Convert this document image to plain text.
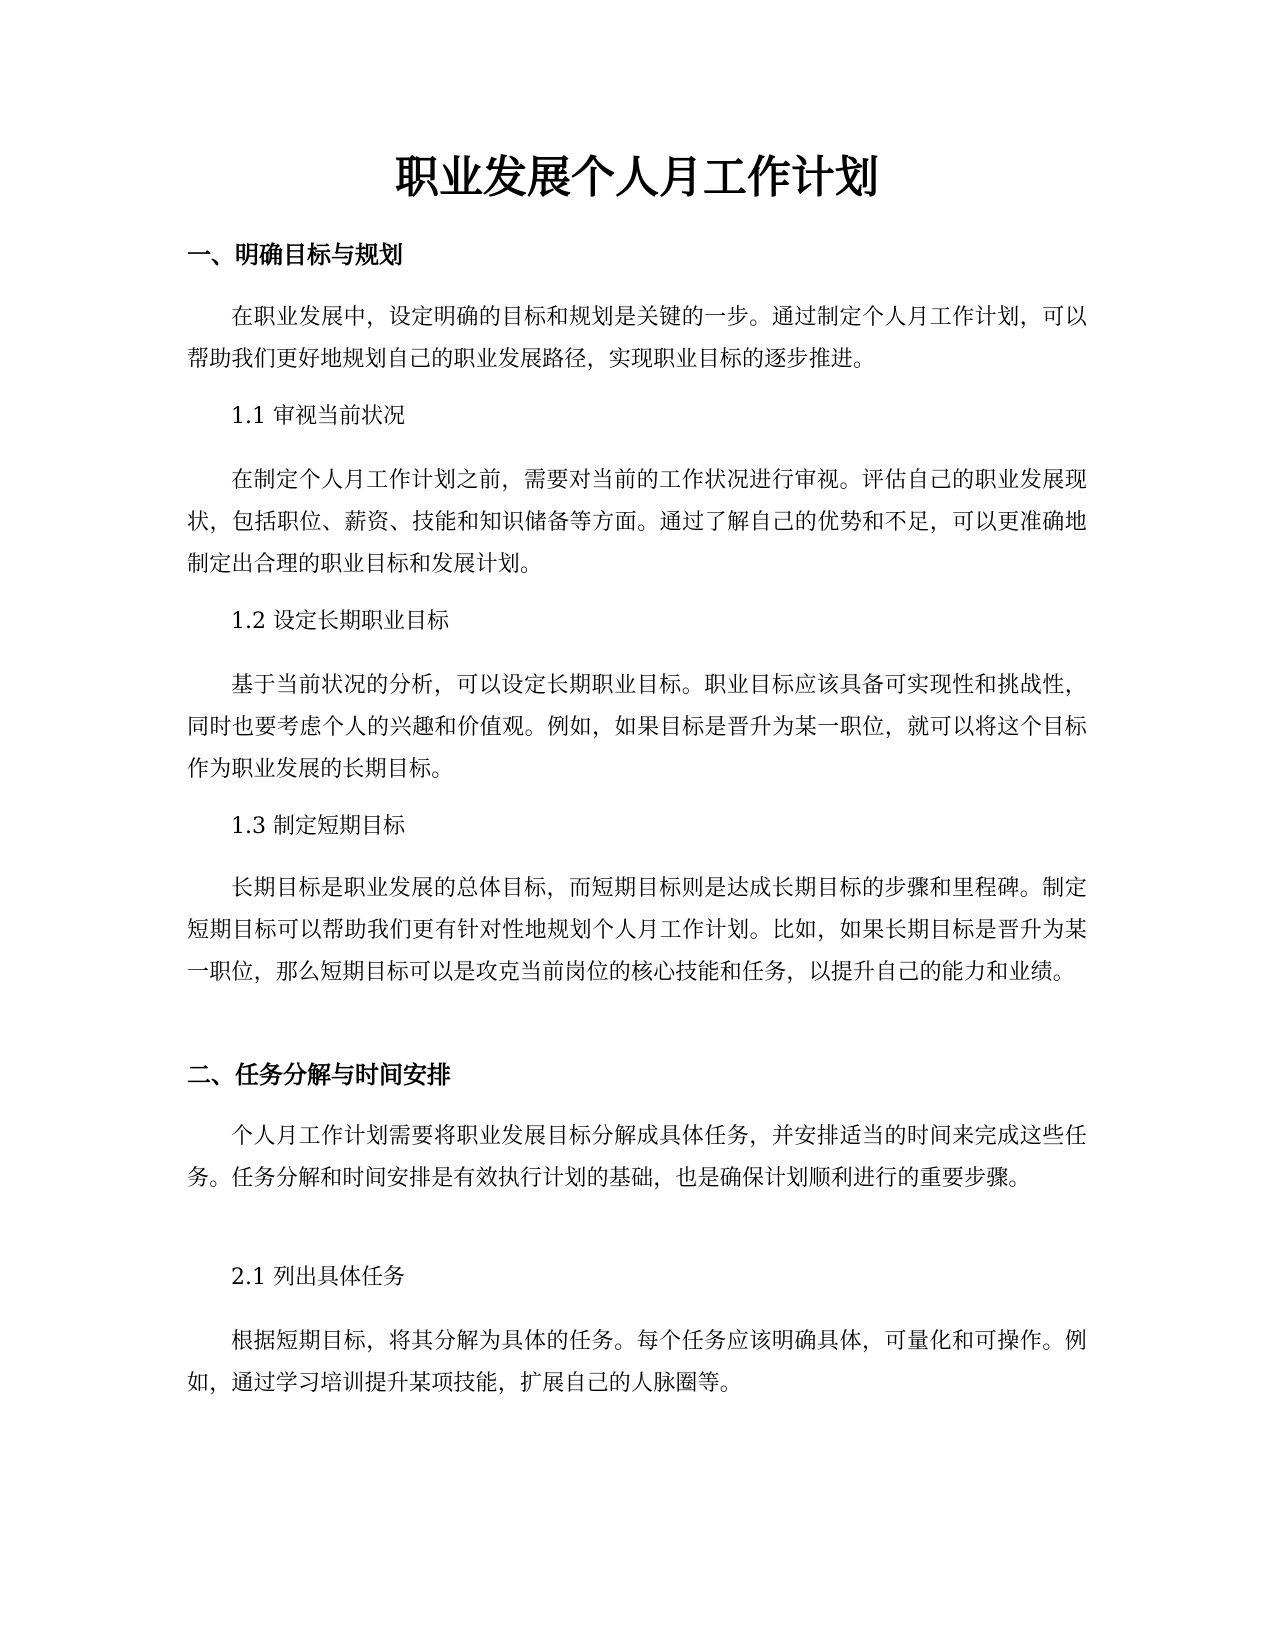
职业发展个人月工作计划
一、明确目标与规划

在职业发展中，设定明确的目标和规划是关键的一步。通过制定个人月工作计划，可以帮助我们更好地规划自己的职业发展路径，实现职业目标的逐步推进。

1.1 审视当前状况

在制定个人月工作计划之前，需要对当前的工作状况进行审视。评估自己的职业发展现状，包括职位、薪资、技能和知识储备等方面。通过了解自己的优势和不足，可以更准确地制定出合理的职业目标和发展计划。

1.2 设定长期职业目标

基于当前状况的分析，可以设定长期职业目标。职业目标应该具备可实现性和挑战性，同时也要考虑个人的兴趣和价值观。例如，如果目标是晋升为某一职位，就可以将这个目标作为职业发展的长期目标。

1.3 制定短期目标

长期目标是职业发展的总体目标，而短期目标则是达成长期目标的步骤和里程碑。制定短期目标可以帮助我们更有针对性地规划个人月工作计划。比如，如果长期目标是晋升为某一职位，那么短期目标可以是攻克当前岗位的核心技能和任务，以提升自己的能力和业绩。

二、任务分解与时间安排

个人月工作计划需要将职业发展目标分解成具体任务，并安排适当的时间来完成这些任务。任务分解和时间安排是有效执行计划的基础，也是确保计划顺利进行的重要步骤。

2.1 列出具体任务

根据短期目标，将其分解为具体的任务。每个任务应该明确具体，可量化和可操作。例如，通过学习培训提升某项技能，扩展自己的人脉圈等。
